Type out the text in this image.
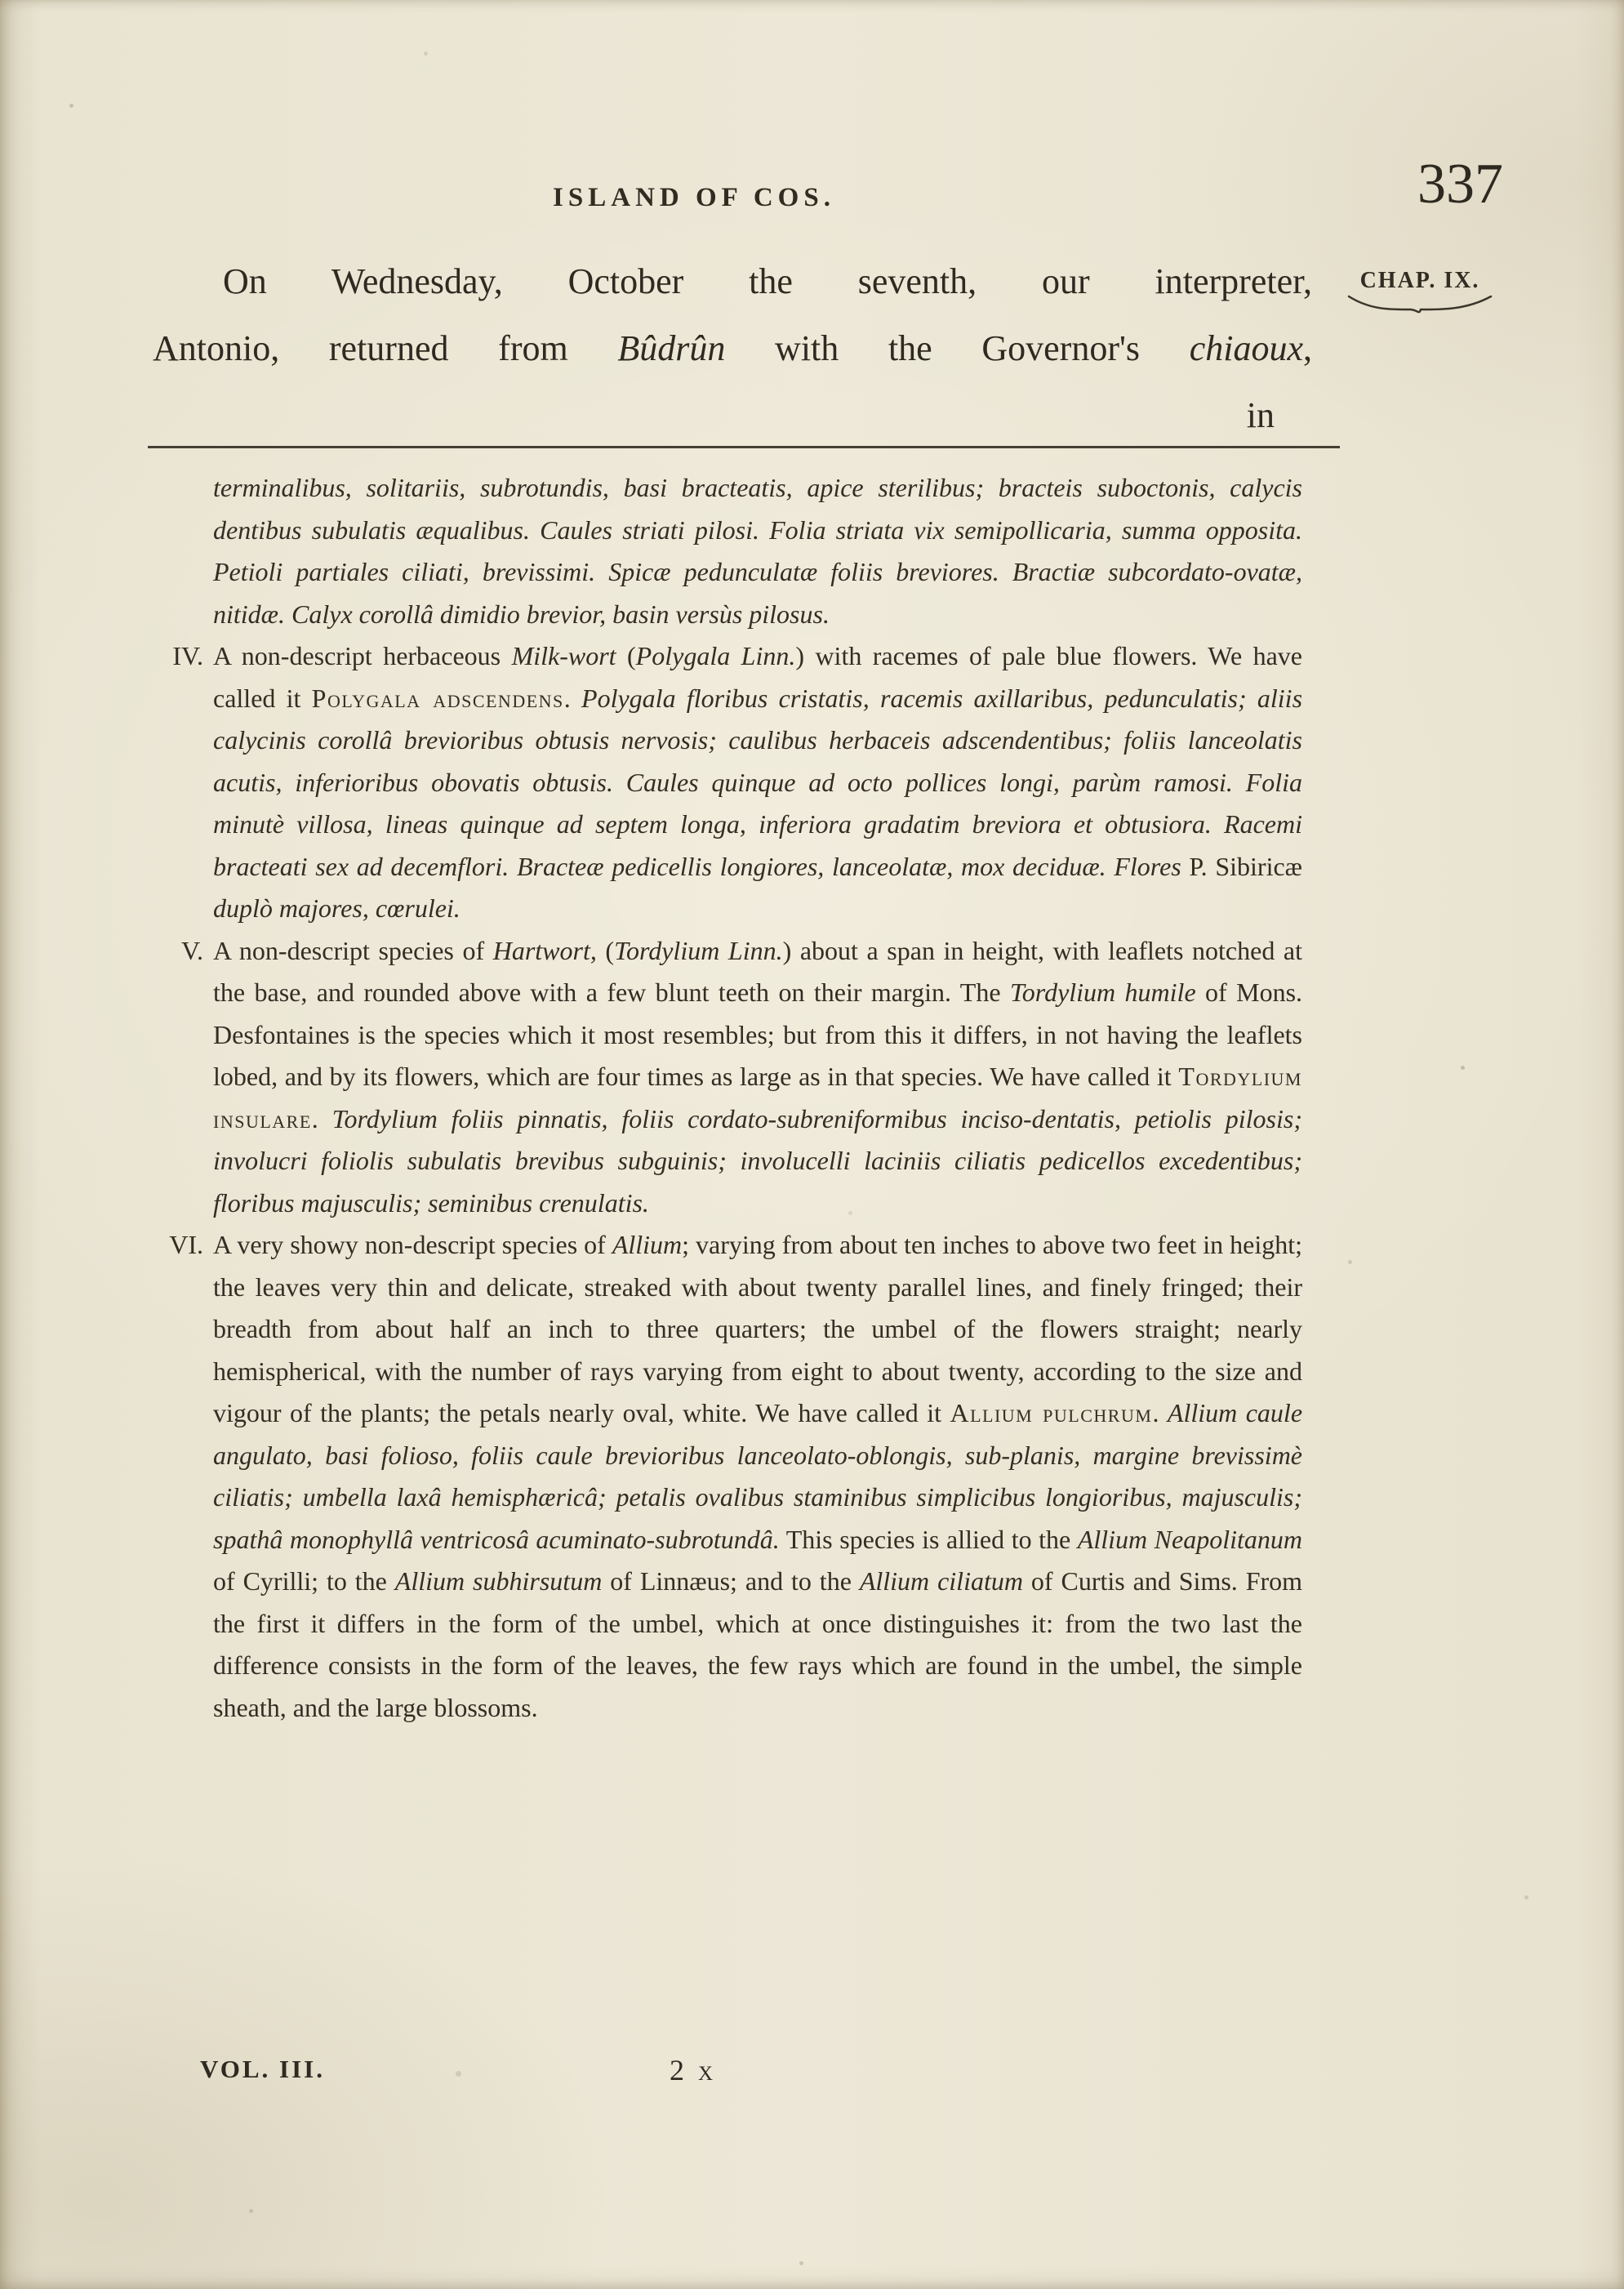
ISLAND OF COS.	337
CHAP. IX.
On Wednesday, October the seventh, our interpreter,
Antonio, returned from Bûdrûn with the Governor's chiaoux,
in
terminalibus, solitariis, subrotundis, basi bracteatis, apice sterilibus; bracteis suboctonis, calycis dentibus subulatis æqualibus. Caules striati pilosi. Folia striata vix semipollicaria, summa opposita. Petioli partiales ciliati, brevissimi. Spicæ pedunculatæ foliis breviores. Bractiæ subcordato-ovatæ, nitidæ. Calyx corollâ dimidio brevior, basin versùs pilosus.
IV. A non-descript herbaceous Milk-wort (Polygala Linn.) with racemes of pale blue flowers. We have called it Polygala adscendens. Polygala floribus cristatis, racemis axillaribus, pedunculatis; aliis calycinis corollâ brevioribus obtusis nervosis; caulibus herbaceis adscendentibus; foliis lanceolatis acutis, inferioribus obovatis obtusis. Caules quinque ad octo pollices longi, parùm ramosi. Folia minutè villosa, lineas quinque ad septem longa, inferiora gradatim breviora et obtusiora. Racemi bracteati sex ad decemflori. Bracteæ pedicellis longiores, lanceolatæ, mox deciduæ. Flores P. Sibiricæ duplò majores, cœrulei.
V. A non-descript species of Hartwort, (Tordylium Linn.) about a span in height, with leaflets notched at the base, and rounded above with a few blunt teeth on their margin. The Tordylium humile of Mons. Desfontaines is the species which it most resembles; but from this it differs, in not having the leaflets lobed, and by its flowers, which are four times as large as in that species. We have called it Tordylium insulare. Tordylium foliis pinnatis, foliis cordato-subreniformibus inciso-dentatis, petiolis pilosis; involucri foliolis subulatis brevibus subguinis; involucelli laciniis ciliatis pedicellos excedentibus; floribus majusculis; seminibus crenulatis.
VI. A very showy non-descript species of Allium; varying from about ten inches to above two feet in height; the leaves very thin and delicate, streaked with about twenty parallel lines, and finely fringed; their breadth from about half an inch to three quarters; the umbel of the flowers straight; nearly hemispherical, with the number of rays varying from eight to about twenty, according to the size and vigour of the plants; the petals nearly oval, white. We have called it Allium pulchrum. Allium caule angulato, basi folioso, foliis caule brevioribus lanceolato-oblongis, sub-planis, margine brevissimè ciliatis; umbella laxâ hemisphæricâ; petalis ovalibus staminibus simplicibus longioribus, majusculis; spathâ monophyllâ ventricosâ acuminato-subrotundâ. This species is allied to the Allium Neapolitanum of Cyrilli; to the Allium subhirsutum of Linnæus; and to the Allium ciliatum of Curtis and Sims. From the first it differs in the form of the umbel, which at once distinguishes it: from the two last the difference consists in the form of the leaves, the few rays which are found in the umbel, the simple sheath, and the large blossoms.
VOL. III.	2 x
